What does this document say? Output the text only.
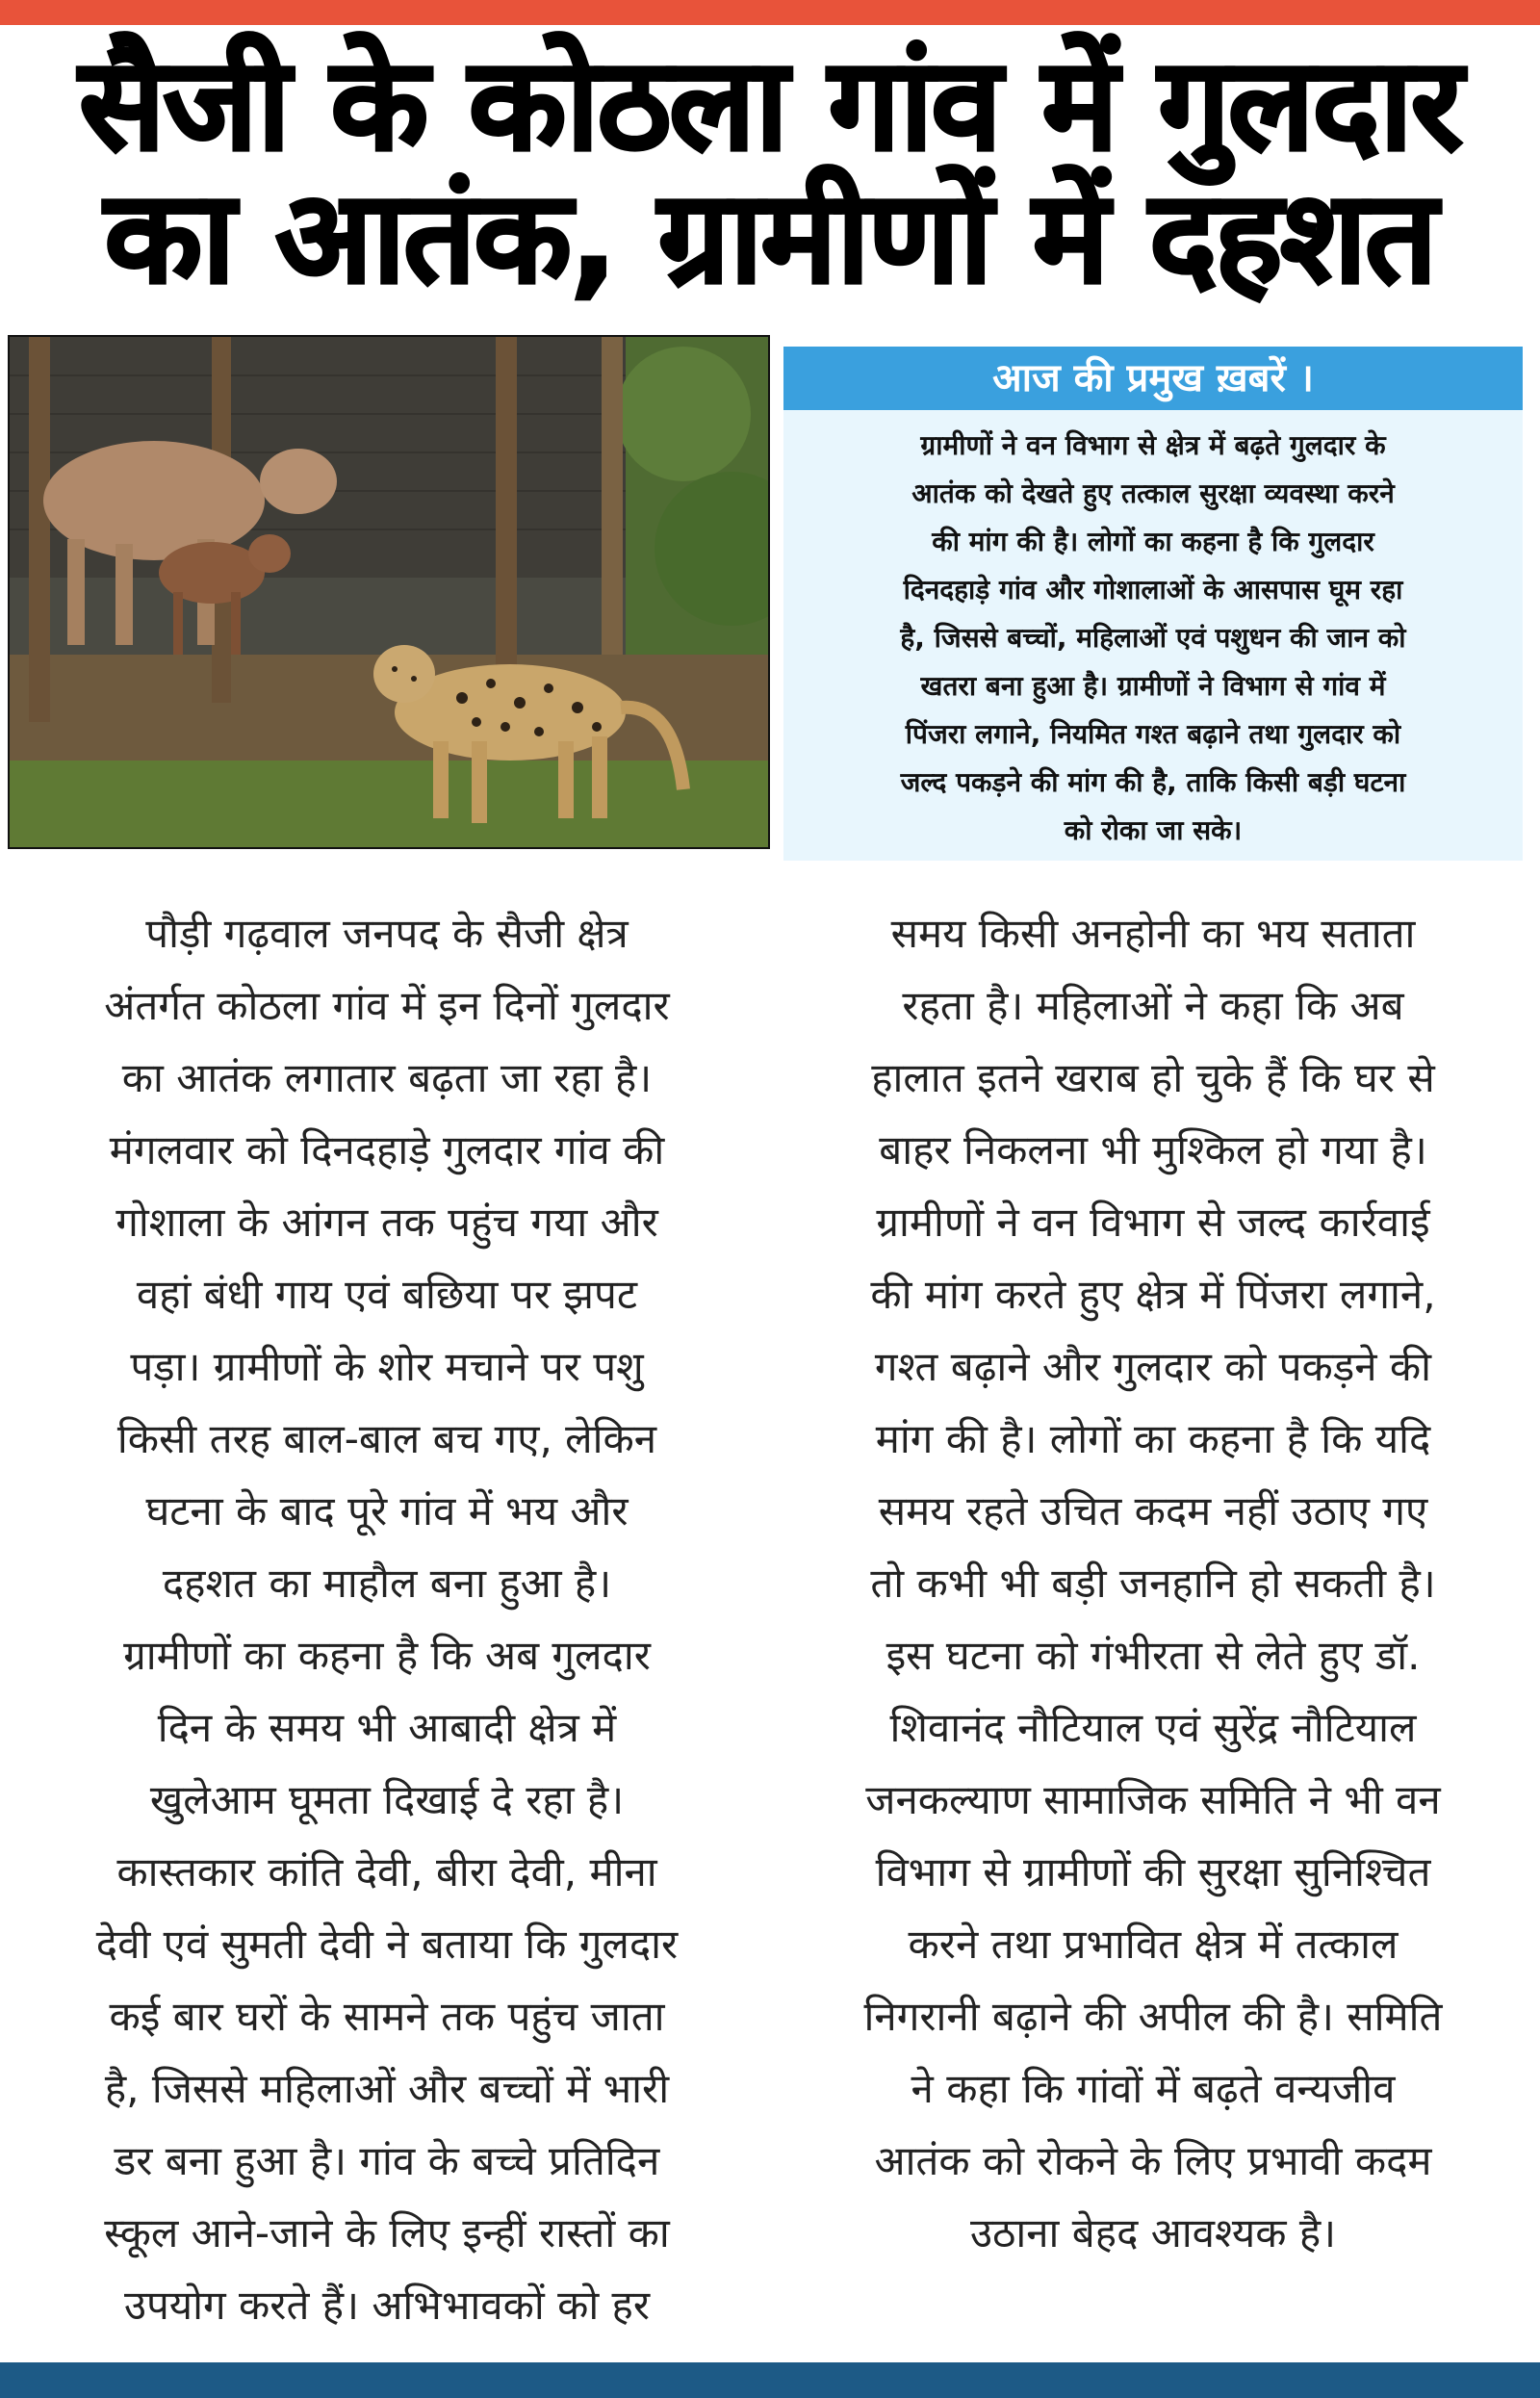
सैजी के कोठला गांव में गुलदार
का आतंक, ग्रामीणों में दहशत
आज की प्रमुख ख़बरें ।
ग्रामीणों ने वन विभाग से क्षेत्र में बढ़ते गुलदार के
आतंक को देखते हुए तत्काल सुरक्षा व्यवस्था करने
की मांग की है। लोगों का कहना है कि गुलदार
दिनदहाड़े गांव और गोशालाओं के आसपास घूम रहा
है, जिससे बच्चों, महिलाओं एवं पशुधन की जान को
खतरा बना हुआ है। ग्रामीणों ने विभाग से गांव में
पिंजरा लगाने, नियमित गश्त बढ़ाने तथा गुलदार को
जल्द पकड़ने की मांग की है, ताकि किसी बड़ी घटना
को रोका जा सके।
पौड़ी गढ़वाल जनपद के सैजी क्षेत्र
अंतर्गत कोठला गांव में इन दिनों गुलदार
का आतंक लगातार बढ़ता जा रहा है।
मंगलवार को दिनदहाड़े गुलदार गांव की
गोशाला के आंगन तक पहुंच गया और
वहां बंधी गाय एवं बछिया पर झपट
पड़ा। ग्रामीणों के शोर मचाने पर पशु
किसी तरह बाल-बाल बच गए, लेकिन
घटना के बाद पूरे गांव में भय और
दहशत का माहौल बना हुआ है।
ग्रामीणों का कहना है कि अब गुलदार
दिन के समय भी आबादी क्षेत्र में
खुलेआम घूमता दिखाई दे रहा है।
कास्तकार कांति देवी, बीरा देवी, मीना
देवी एवं सुमती देवी ने बताया कि गुलदार
कई बार घरों के सामने तक पहुंच जाता
है, जिससे महिलाओं और बच्चों में भारी
डर बना हुआ है। गांव के बच्चे प्रतिदिन
स्कूल आने-जाने के लिए इन्हीं रास्तों का
उपयोग करते हैं। अभिभावकों को हर
समय किसी अनहोनी का भय सताता
रहता है। महिलाओं ने कहा कि अब
हालात इतने खराब हो चुके हैं कि घर से
बाहर निकलना भी मुश्किल हो गया है।
ग्रामीणों ने वन विभाग से जल्द कार्रवाई
की मांग करते हुए क्षेत्र में पिंजरा लगाने,
गश्त बढ़ाने और गुलदार को पकड़ने की
मांग की है। लोगों का कहना है कि यदि
समय रहते उचित कदम नहीं उठाए गए
तो कभी भी बड़ी जनहानि हो सकती है।
इस घटना को गंभीरता से लेते हुए डॉ.
शिवानंद नौटियाल एवं सुरेंद्र नौटियाल
जनकल्याण सामाजिक समिति ने भी वन
विभाग से ग्रामीणों की सुरक्षा सुनिश्चित
करने तथा प्रभावित क्षेत्र में तत्काल
निगरानी बढ़ाने की अपील की है। समिति
ने कहा कि गांवों में बढ़ते वन्यजीव
आतंक को रोकने के लिए प्रभावी कदम
उठाना बेहद आवश्यक है।
